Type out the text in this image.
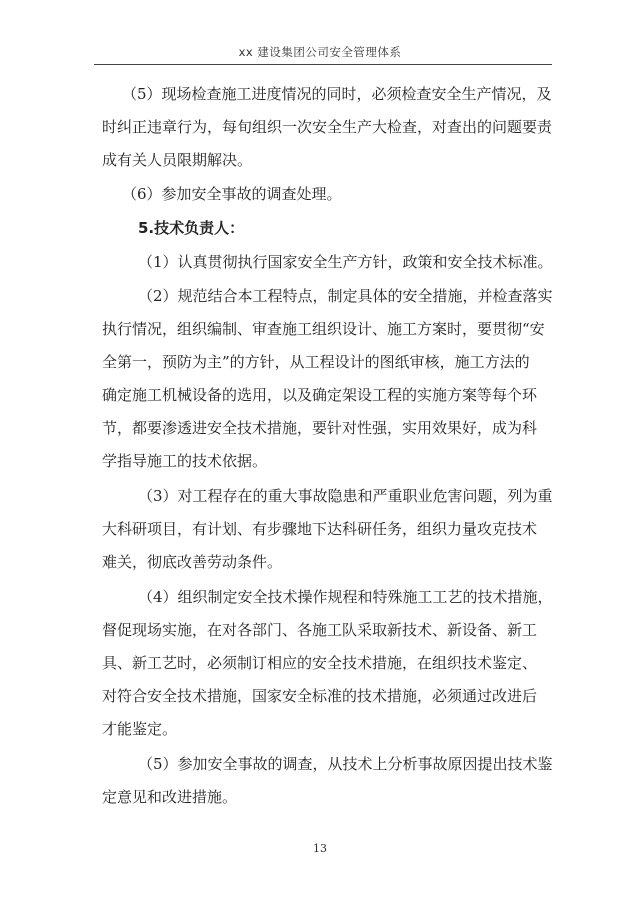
xx 建设集团公司安全管理体系
（5）现场检查施工进度情况的同时，必须检查安全生产情况，及
时纠正违章行为，每旬组织一次安全生产大检查，对查出的问题要责
成有关人员限期解决。
（6）参加安全事故的调查处理。
5.技术负责人：
（1）认真贯彻执行国家安全生产方针，政策和安全技术标准。
（2）规范结合本工程特点，制定具体的安全措施，并检查落实
执行情况，组织编制、审查施工组织设计、施工方案时，要贯彻“安
全第一，预防为主”的方针，从工程设计的图纸审核，施工方法的
确定施工机械设备的选用，以及确定架设工程的实施方案等每个环
节，都要渗透进安全技术措施，要针对性强，实用效果好，成为科
学指导施工的技术依据。
（3）对工程存在的重大事故隐患和严重职业危害问题，列为重
大科研项目，有计划、有步骤地下达科研任务，组织力量攻克技术
难关，彻底改善劳动条件。
（4）组织制定安全技术操作规程和特殊施工工艺的技术措施，
督促现场实施，在对各部门、各施工队采取新技术、新设备、新工
具、新工艺时，必须制订相应的安全技术措施，在组织技术鉴定、
对符合安全技术措施，国家安全标准的技术措施，必须通过改进后
才能鉴定。
（5）参加安全事故的调查，从技术上分析事故原因提出技术鉴
定意见和改进措施。
13
